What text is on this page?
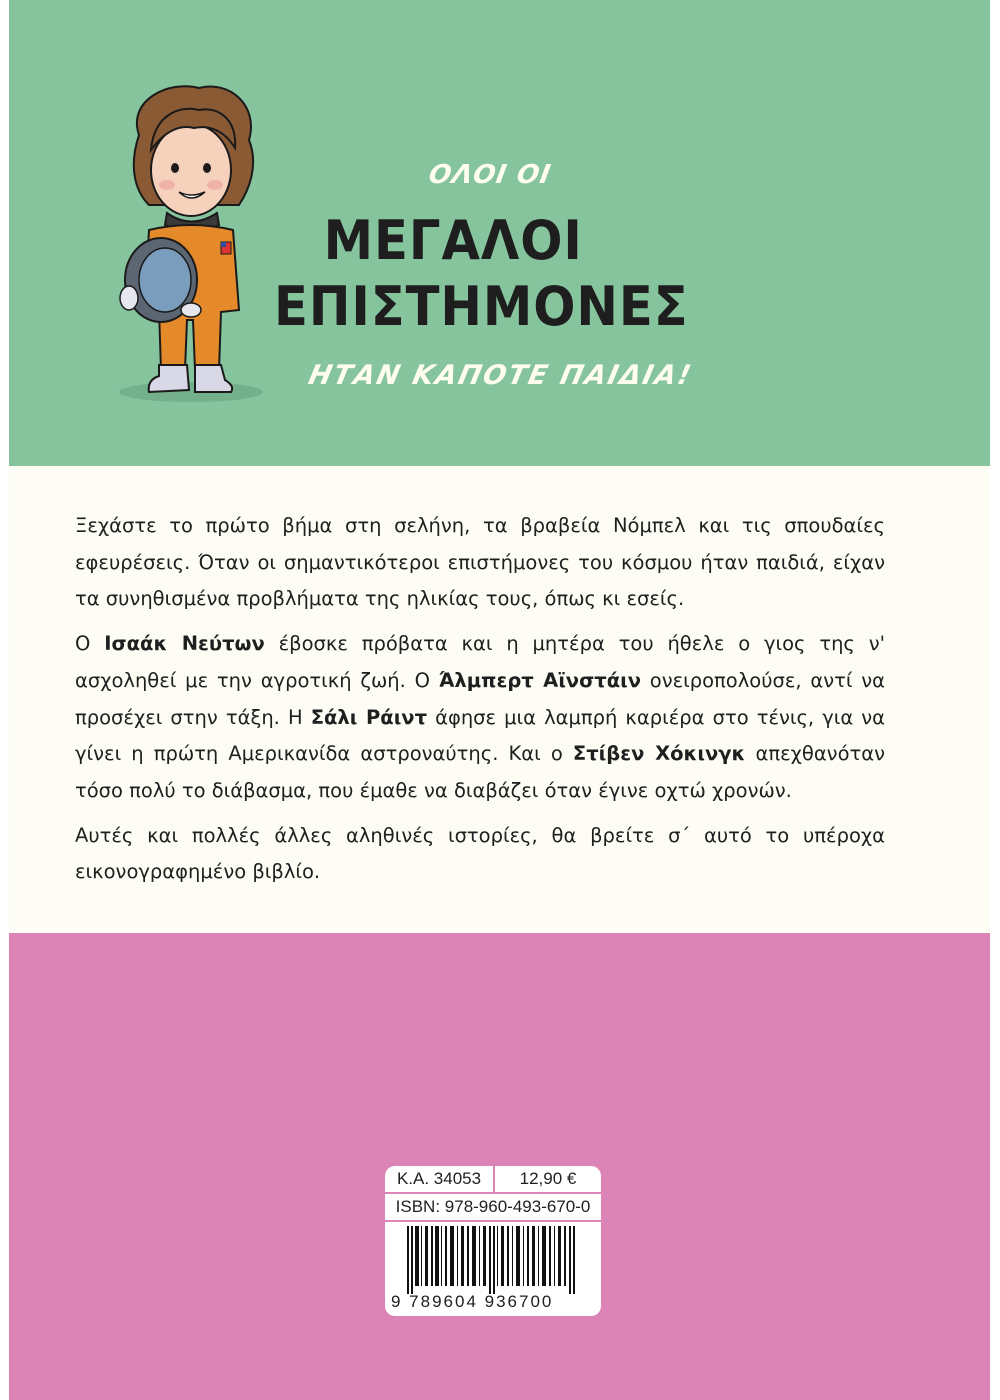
ΟΛΟΙ ΟΙ
ΜΕΓΑΛΟΙ
ΕΠΙΣΤΗΜΟΝΕΣ
ΗΤΑΝ ΚΑΠΟΤΕ ΠΑΙΔΙΑ!
Κ.Α. 34053	12,90 €
ISBN: 978-960-493-670-0
9 789604 936700

Ξεχάστε το πρώτο βήμα στη σελήνη, τα βραβεία Νόμπελ και τις σπουδαίες εφευρέσεις. Όταν οι σημαντικότεροι επιστήμονες του κόσμου ήταν παιδιά, είχαν τα συνηθισμένα προβλήματα της ηλικίας τους, όπως κι εσείς.

Ο Ισαάκ Νεύτων έβοσκε πρόβατα και η μητέρα του ήθελε ο γιος της ν' ασχοληθεί με την αγροτική ζωή. Ο Άλμπερτ Αϊνστάιν ονειροπολούσε, αντί να προσέχει στην τάξη. Η Σάλι Ράιντ άφησε μια λαμπρή καριέρα στο τένις, για να γίνει η πρώτη Αμερικανίδα αστροναύτης. Και ο Στίβεν Χόκινγκ απεχθανόταν τόσο πολύ το διάβασμα, που έμαθε να διαβάζει όταν έγινε οχτώ χρονών.

Αυτές και πολλές άλλες αληθινές ιστορίες, θα βρείτε σ΄ αυτό το υπέροχα εικονογραφημένο βιβλίο.
